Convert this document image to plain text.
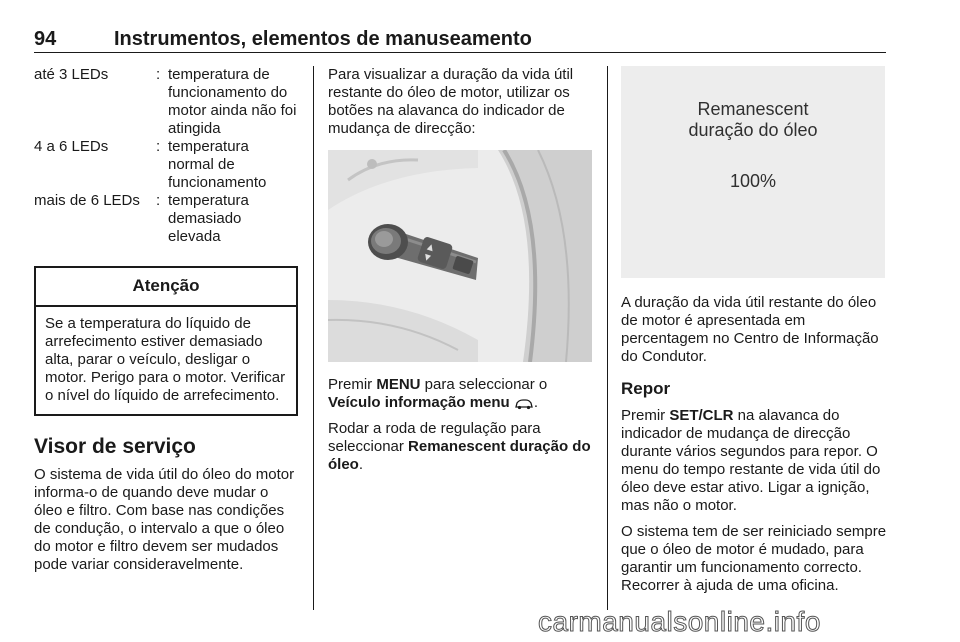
94	Instrumentos, elementos de manuseamento
até 3 LEDs	: temperatura de funcionamento do motor ainda não foi atingida
4 a 6 LEDs	: temperatura normal de funcionamento
mais de 6 LEDs	: temperatura demasiado elevada
Atenção
Se a temperatura do líquido de arrefecimento estiver demasiado alta, parar o veículo, desligar o motor. Perigo para o motor. Verificar o nível do líquido de arrefecimento.
Visor de serviço
O sistema de vida útil do óleo do motor informa-o de quando deve mudar o óleo e filtro. Com base nas condições de condução, o intervalo a que o óleo do motor e filtro devem ser mudados pode variar consideravelmente.
Para visualizar a duração da vida útil restante do óleo de motor, utilizar os botões na alavanca do indicador de mudança de direcção:
▲
▼
Premir MENU para seleccionar o Veículo informação menu .
Rodar a roda de regulação para seleccionar Remanescent duração do óleo.
Remanescent
duração do óleo
100%
A duração da vida útil restante do óleo de motor é apresentada em percentagem no Centro de Informação do Condutor.
Repor
Premir SET/CLR na alavanca do indicador de mudança de direcção durante vários segundos para repor. O menu do tempo restante de vida útil do óleo deve estar ativo. Ligar a ignição, mas não o motor.
O sistema tem de ser reiniciado sempre que o óleo de motor é mudado, para garantir um funcionamento correcto. Recorrer à ajuda de uma oficina.
carmanualsonline.info
